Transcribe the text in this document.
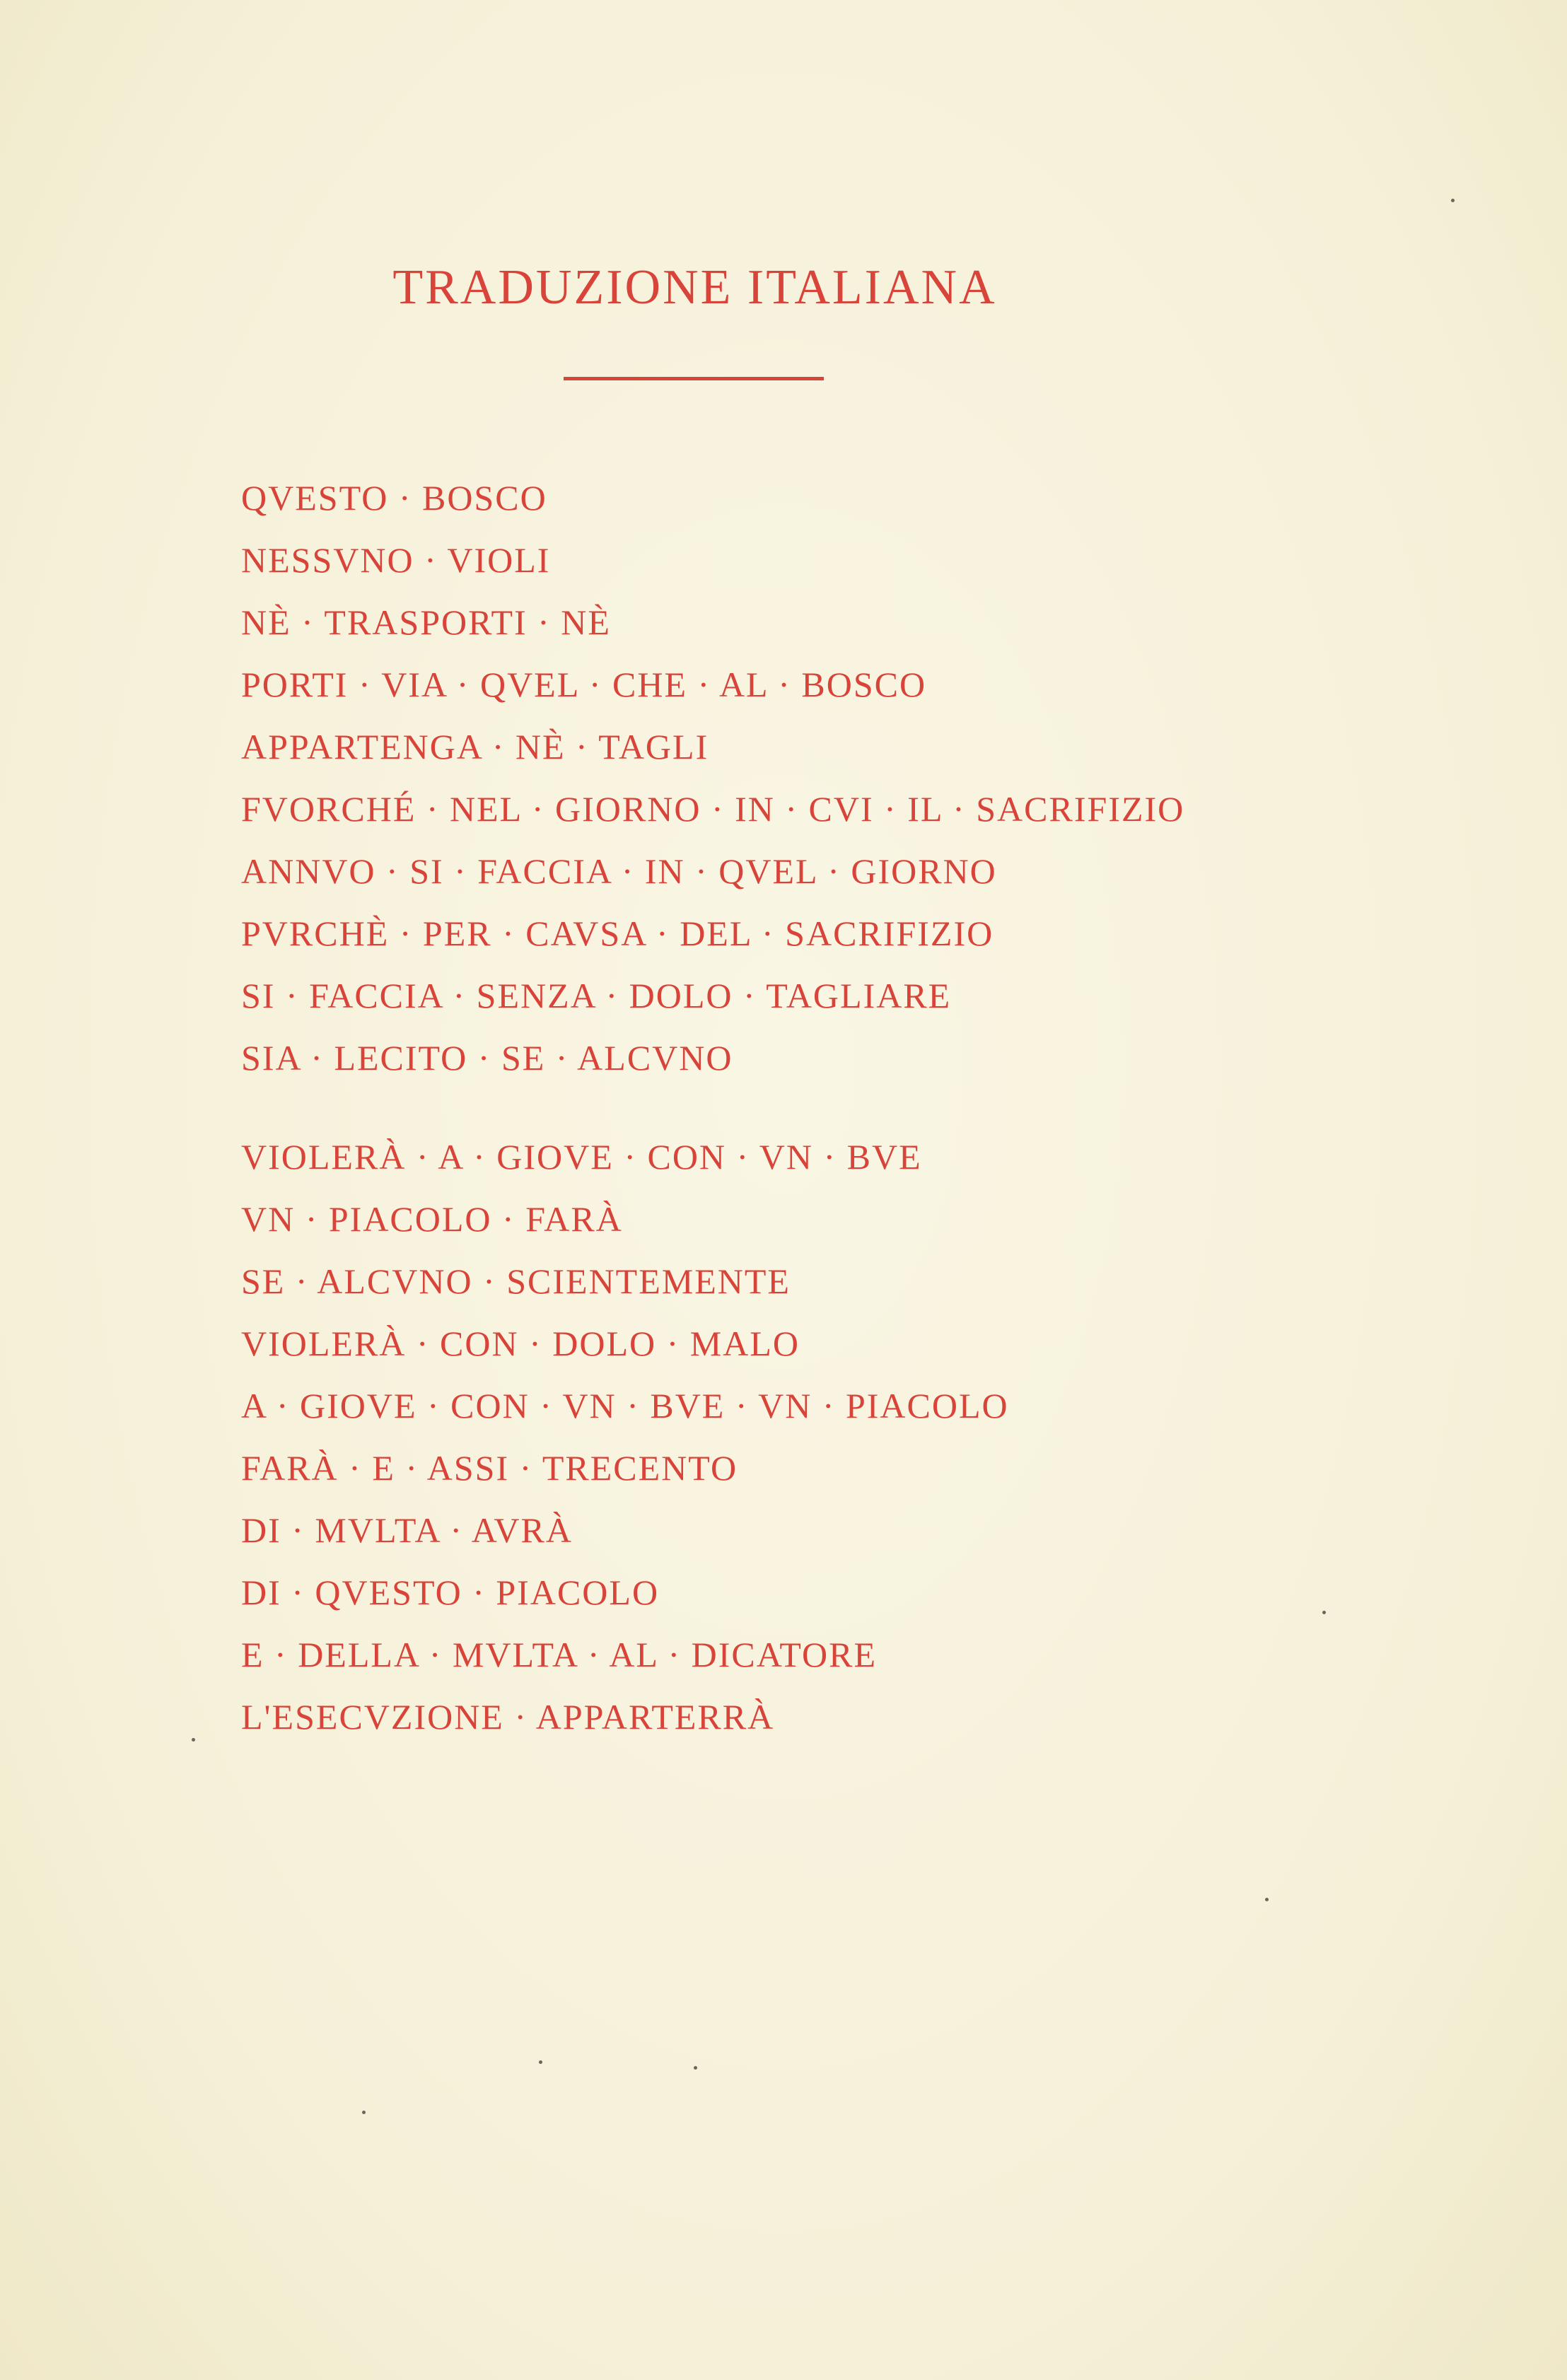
TRADUZIONE ITALIANA
QVESTO · BOSCO
NESSVNO · VIOLI
NÈ · TRASPORTI · NÈ
PORTI · VIA · QVEL · CHE · AL · BOSCO
APPARTENGA · NÈ · TAGLI
FVORCHÉ · NEL · GIORNO · IN · CVI · IL · SACRIFIZIO
ANNVO · SI · FACCIA · IN · QVEL · GIORNO
PVRCHÈ · PER · CAVSA · DEL · SACRIFIZIO
SI · FACCIA · SENZA · DOLO · TAGLIARE
SIA · LECITO · SE · ALCVNO
VIOLERÀ · A · GIOVE · CON · VN · BVE
VN · PIACOLO · FARÀ
SE · ALCVNO · SCIENTEMENTE
VIOLERÀ · CON · DOLO · MALO
A · GIOVE · CON · VN · BVE · VN · PIACOLO
FARÀ · E · ASSI · TRECENTO
DI · MVLTA · AVRÀ
DI · QVESTO · PIACOLO
E · DELLA · MVLTA · AL · DICATORE
L'ESECVZIONE · APPARTERRÀ
